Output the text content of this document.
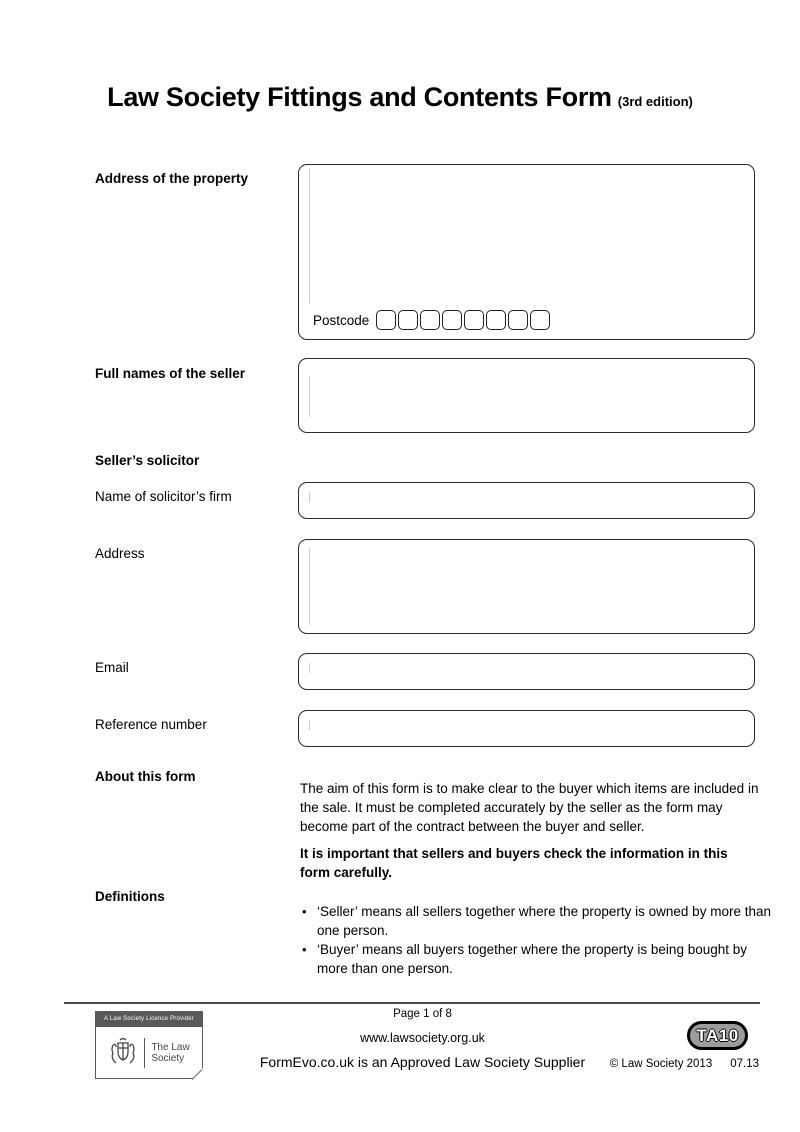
Law Society Fittings and Contents Form (3rd edition)
Address of the property
Postcode
Full names of the seller
Seller’s solicitor
Name of solicitor’s firm
Address
Email
Reference number
About this form
The aim of this form is to make clear to the buyer which items are included in the sale. It must be completed accurately by the seller as the form may become part of the contract between the buyer and seller.
It is important that sellers and buyers check the information in this form carefully.
Definitions
• ‘Seller’ means all sellers together where the property is owned by more than one person.
• ‘Buyer’ means all buyers together where the property is being bought by more than one person.
A Law Society Licence Provider
The Law
Society
Page 1 of 8
www.lawsociety.org.uk
FormEvo.co.uk is an Approved Law Society Supplier
TA10
© Law Society 2013 07.13
